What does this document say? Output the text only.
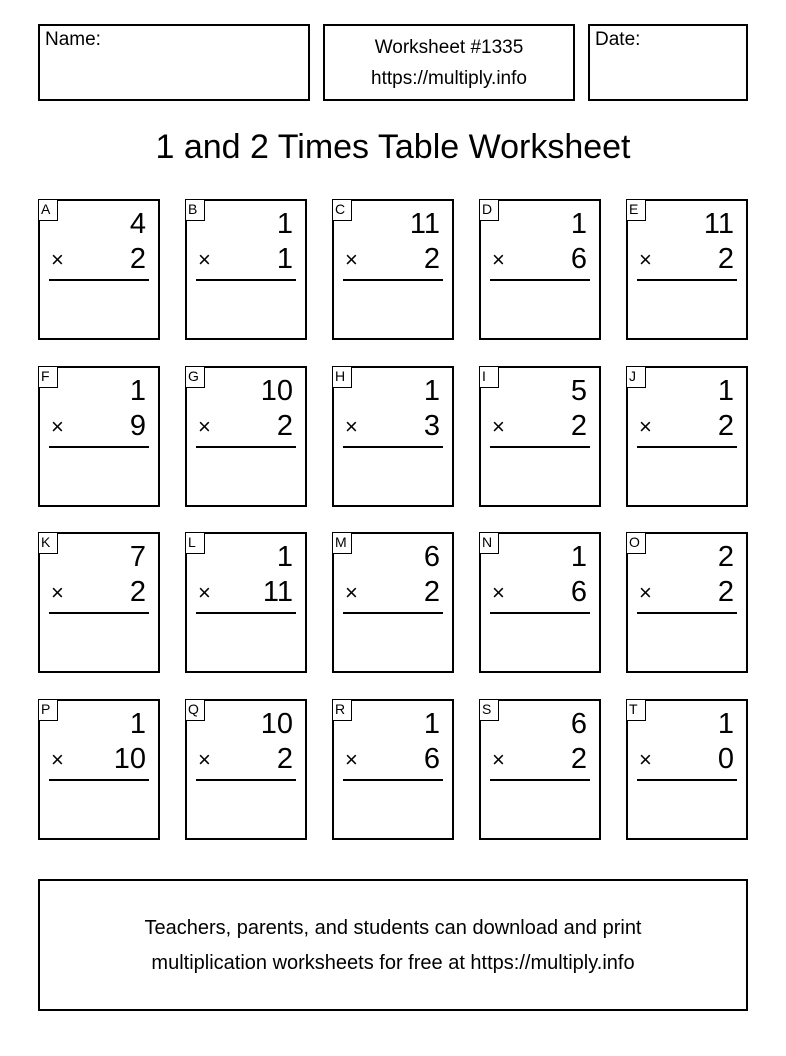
Name:	Worksheet #1335
https://multiply.info
Date:
1 and 2 Times Table Worksheet
A	4
× 2
B	1
× 1
C 11
× 2
D	1
× 6
E 11
× 2
F	1
× 9
G 10
× 2
H	1
× 3
I	5
× 2
J	1
× 2
K	7
× 2
L	1
× 11
M	6
× 2
N	1
× 6
O	2
× 2
P	1
× 10
Q 10
× 2
R	1
× 6
S	6
× 2
T	1
× 0
Teachers, parents, and students can download and print
multiplication worksheets for free at https://multiply.info
